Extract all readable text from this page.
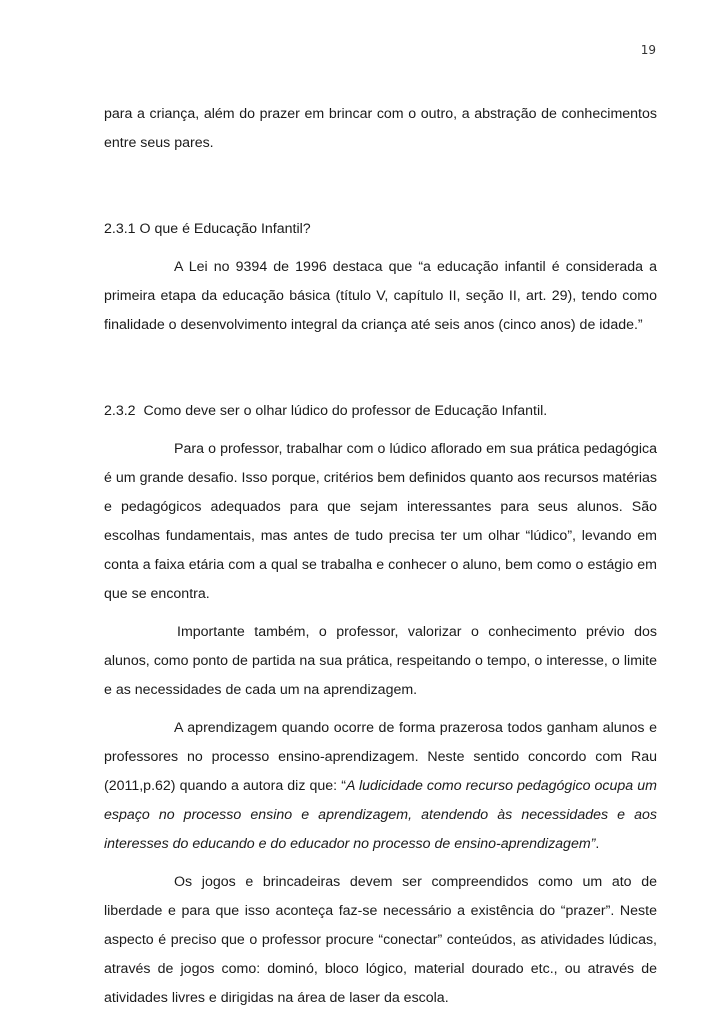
19

para a criança, além do prazer em brincar com o outro, a abstração de conhecimentos entre seus pares.

2.3.1 O que é Educação Infantil?

A Lei no 9394 de 1996 destaca que “a educação infantil é considerada a primeira etapa da educação básica (título V, capítulo II, seção II, art. 29), tendo como finalidade o desenvolvimento integral da criança até seis anos (cinco anos) de idade.”

2.3.2  Como deve ser o olhar lúdico do professor de Educação Infantil.

Para o professor, trabalhar com o lúdico aflorado em sua prática pedagógica é um grande desafio. Isso porque, critérios bem definidos quanto aos recursos matérias e pedagógicos adequados para que sejam interessantes para seus alunos. São escolhas fundamentais, mas antes de tudo precisa ter um olhar “lúdico”, levando em conta a faixa etária com a qual se trabalha e conhecer o aluno, bem como o estágio em que se encontra.

Importante também, o professor, valorizar o conhecimento prévio dos alunos, como ponto de partida na sua prática, respeitando o tempo, o interesse, o limite e as necessidades de cada um na aprendizagem.

A aprendizagem quando ocorre de forma prazerosa todos ganham alunos e professores no processo ensino-aprendizagem. Neste sentido concordo com Rau (2011,p.62) quando a autora diz que: “A ludicidade como recurso pedagógico ocupa um espaço no processo ensino e aprendizagem, atendendo às necessidades e aos interesses do educando e do educador no processo de ensino-aprendizagem”.

Os jogos e brincadeiras devem ser compreendidos como um ato de liberdade e para que isso aconteça faz-se necessário a existência do “prazer”. Neste aspecto é preciso que o professor procure “conectar” conteúdos, as atividades lúdicas, através de jogos como: dominó, bloco lógico, material dourado etc., ou através de atividades livres e dirigidas na área de laser da escola.
